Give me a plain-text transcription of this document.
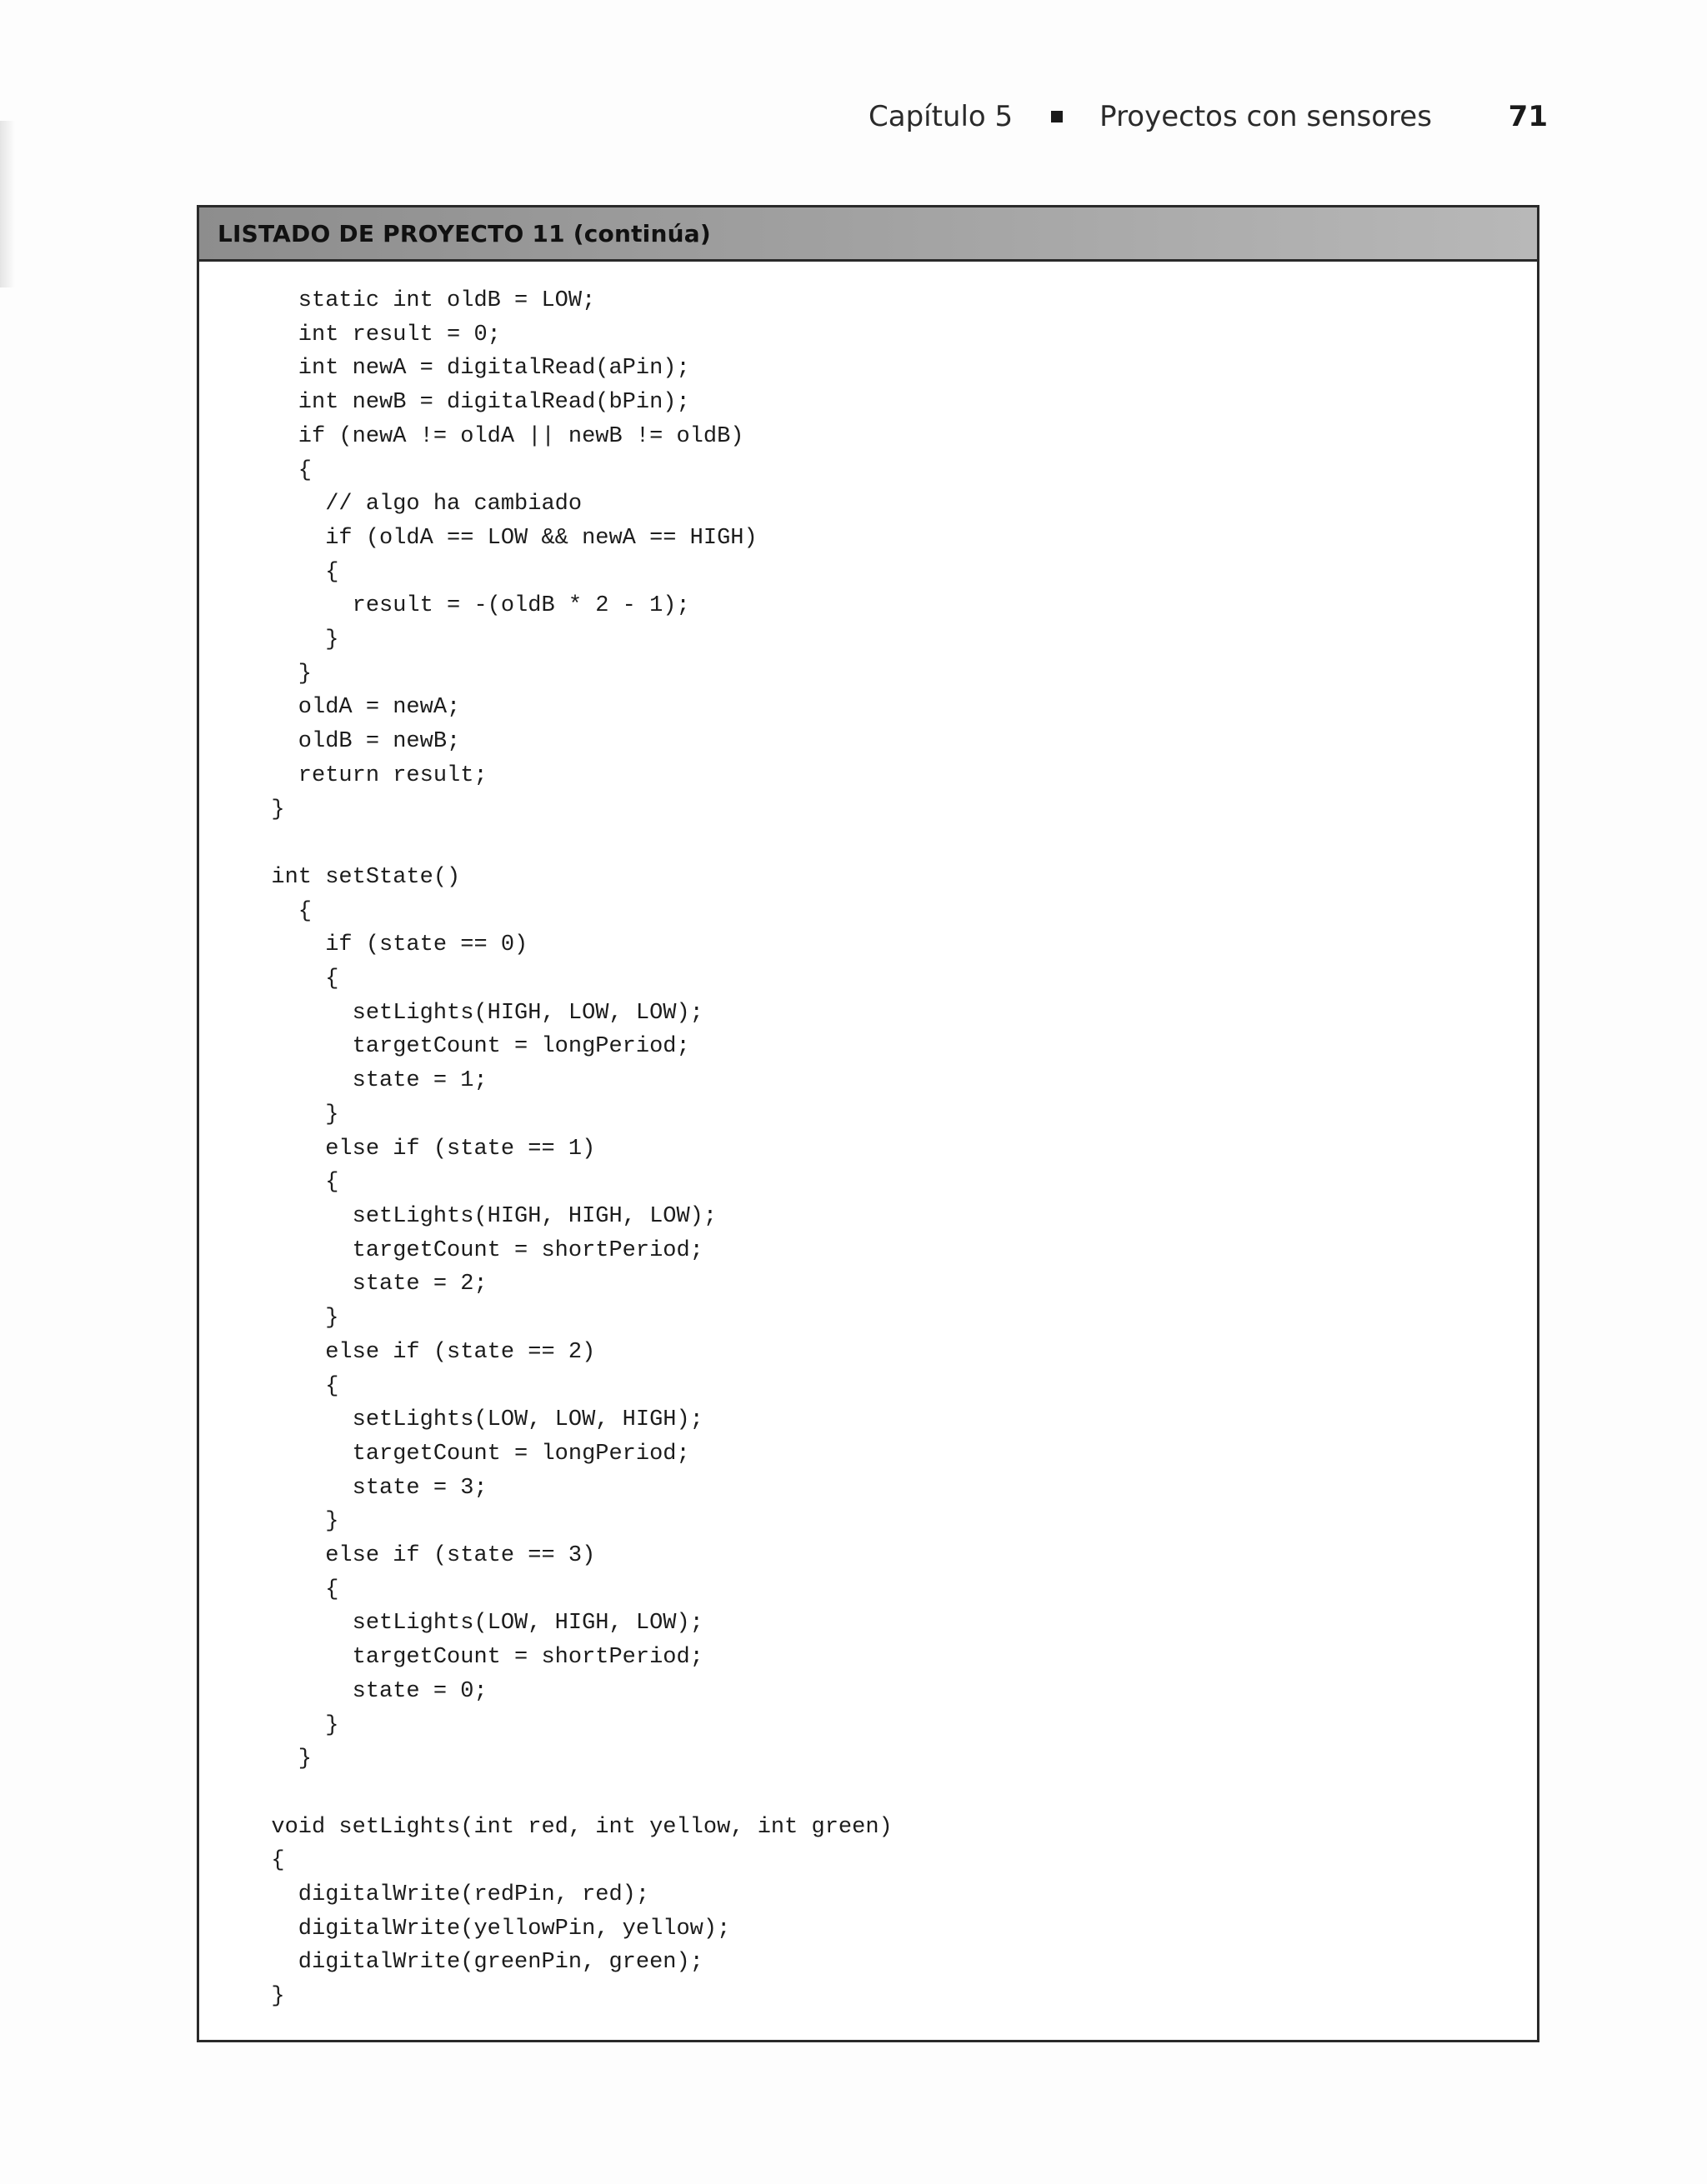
Capítulo 5	Proyectos con sensores	71
LISTADO DE PROYECTO 11 (continúa)
static int oldB = LOW;
int result = 0;
int newA = digitalRead(aPin);
int newB = digitalRead(bPin);
if (newA != oldA || newB != oldB)
{
// algo ha cambiado
if (oldA == LOW && newA == HIGH)
{
result = -(oldB * 2 - 1);
}
}
oldA = newA;
oldB = newB;
return result;
}

int setState()
{
if (state == 0)
{
setLights(HIGH, LOW, LOW);
targetCount = longPeriod;
state = 1;
}
else if (state == 1)
{
setLights(HIGH, HIGH, LOW);
targetCount = shortPeriod;
state = 2;
}
else if (state == 2)
{
setLights(LOW, LOW, HIGH);
targetCount = longPeriod;
state = 3;
}
else if (state == 3)
{
setLights(LOW, HIGH, LOW);
targetCount = shortPeriod;
state = 0;
}
}

void setLights(int red, int yellow, int green)
{
digitalWrite(redPin, red);
digitalWrite(yellowPin, yellow);
digitalWrite(greenPin, green);
}
